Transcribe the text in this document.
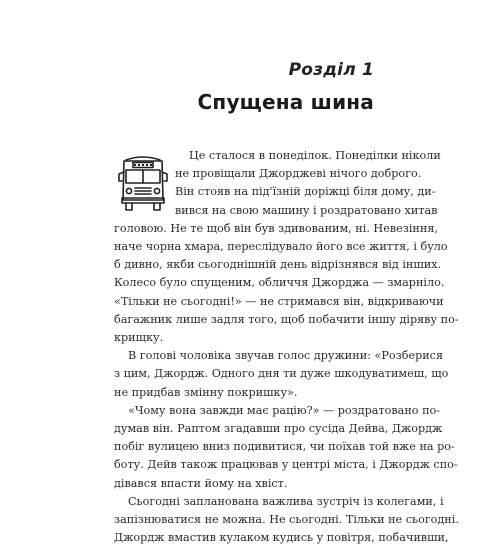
Розділ 1
Спущена шина
Це сталося в понеділок. Понеділки ніколи
не провіщали Джорджеві нічого доброго.
Він стояв на під'їзній доріжці біля дому, ди-
вився на свою машину і роздратовано хитав
головою. Не те щоб він був здивованим, ні. Невезіння,
наче чорна хмара, переслідувало його все життя, і було
б дивно, якби сьогоднішній день відрізнявся від інших.
Колесо було спущеним, обличчя Джорджа — змарніло.
«Тільки не сьогодні!» — не стримався він, відкриваючи
багажник лише задля того, щоб побачити іншу діряву по-
крищку.
В голові чоловіка звучав голос дружини: «Розберися
з цим, Джордж. Одного дня ти дуже шкодуватимеш, що
не придбав змінну покришку».
«Чому вона завжди має рацію?» — роздратовано по-
думав він. Раптом згадавши про сусіда Дейва, Джордж
побіг вулицею вниз подивитися, чи поїхав той вже на ро-
боту. Дейв також працював у центрі міста, і Джордж спо-
дівався впасти йому на хвіст.
Сьогодні запланована важлива зустріч із колегами, і
запізнюватися не можна. Не сьогодні. Тільки не сьогодні.
Джордж вмастив кулаком кудись у повітря, побачивши,
